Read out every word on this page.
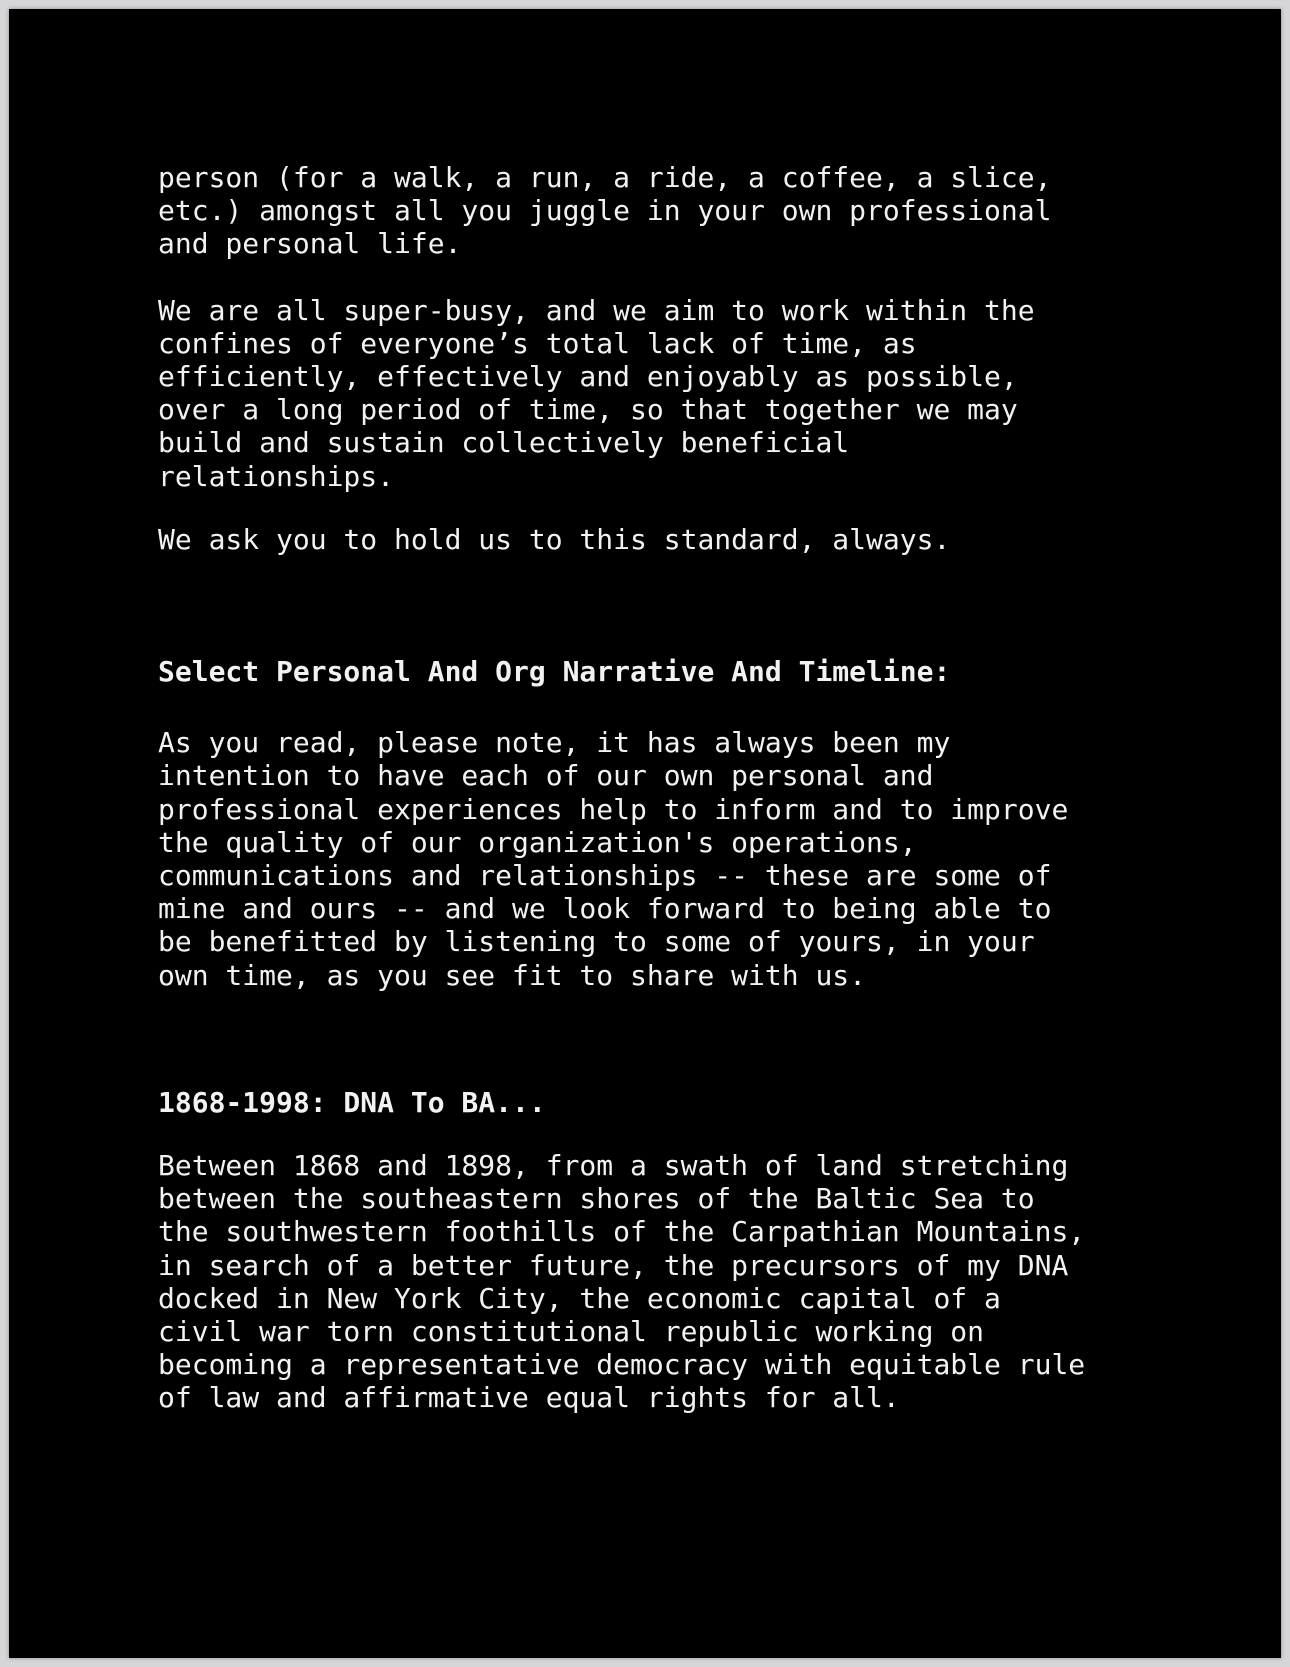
person (for a walk, a run, a ride, a coffee, a slice,
etc.) amongst all you juggle in your own professional
and personal life.

We are all super-busy, and we aim to work within the
confines of everyone’s total lack of time, as
efficiently, effectively and enjoyably as possible,
over a long period of time, so that together we may
build and sustain collectively beneficial
relationships.

We ask you to hold us to this standard, always.

Select Personal And Org Narrative And Timeline:

As you read, please note, it has always been my
intention to have each of our own personal and
professional experiences help to inform and to improve
the quality of our organization's operations,
communications and relationships -- these are some of
mine and ours -- and we look forward to being able to
be benefitted by listening to some of yours, in your
own time, as you see fit to share with us.

1868-1998: DNA To BA...

Between 1868 and 1898, from a swath of land stretching
between the southeastern shores of the Baltic Sea to
the southwestern foothills of the Carpathian Mountains,
in search of a better future, the precursors of my DNA
docked in New York City, the economic capital of a
civil war torn constitutional republic working on
becoming a representative democracy with equitable rule
of law and affirmative equal rights for all.
